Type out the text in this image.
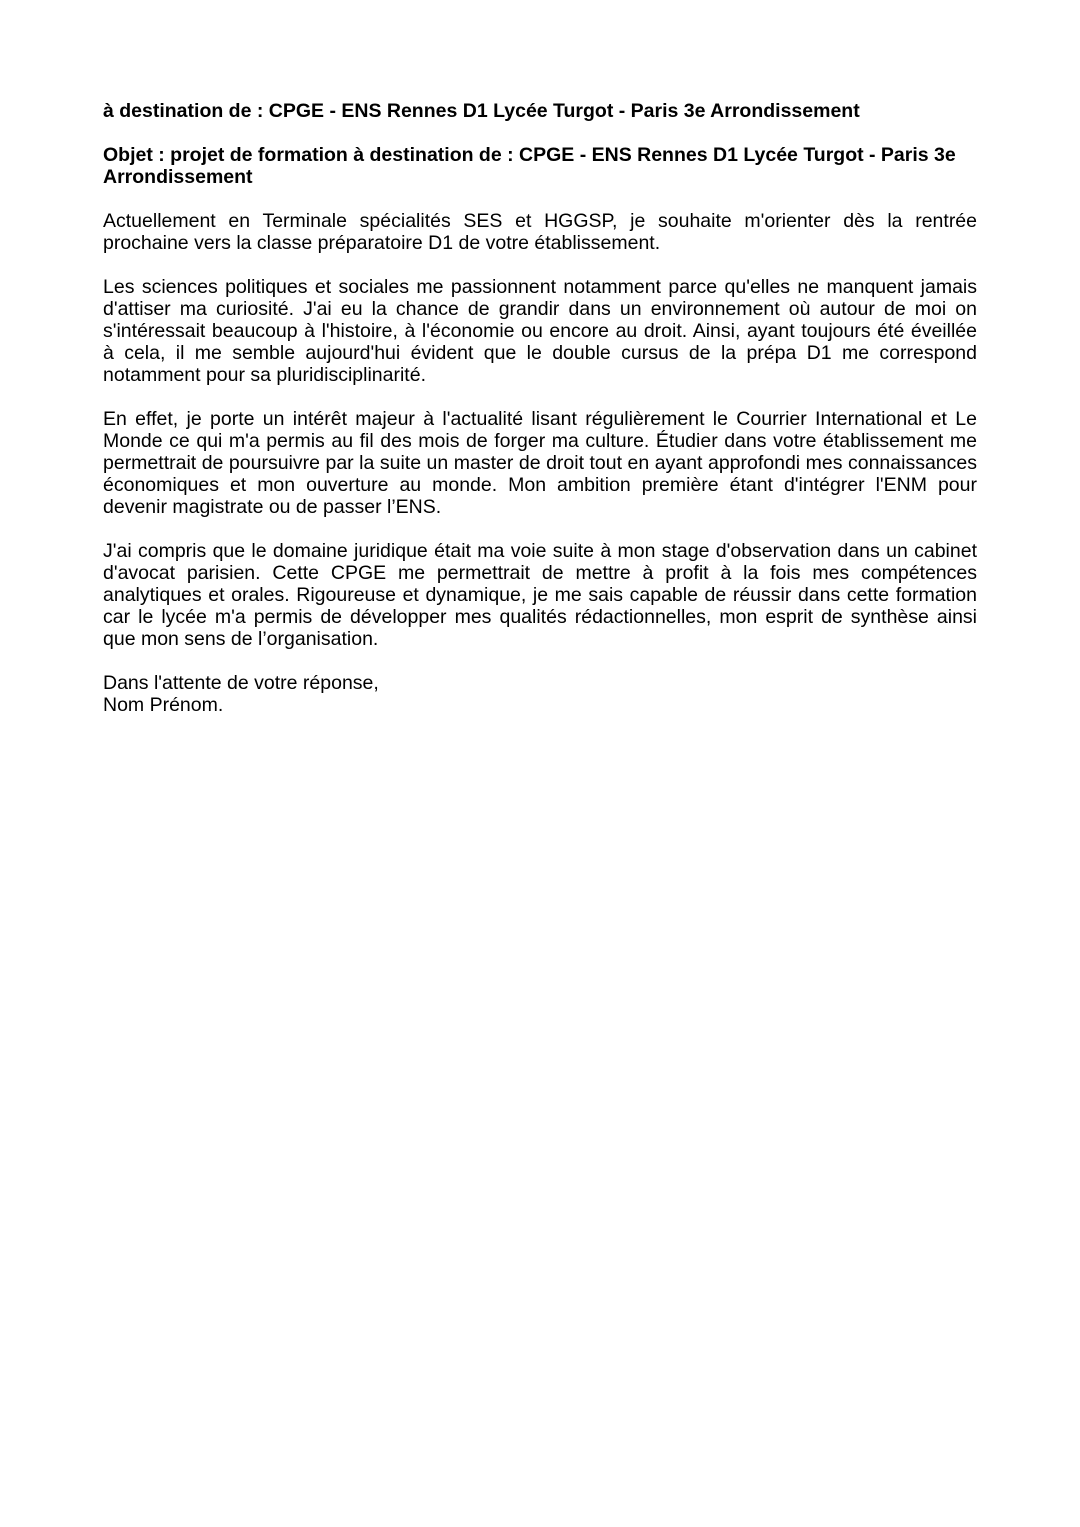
à destination de : CPGE - ENS Rennes D1 Lycée Turgot - Paris 3e Arrondissement

Objet : projet de formation à destination de : CPGE - ENS Rennes D1 Lycée Turgot - Paris 3e Arrondissement

Actuellement en Terminale spécialités SES et HGGSP, je souhaite m'orienter dès la rentrée prochaine vers la classe préparatoire D1 de votre établissement.

Les sciences politiques et sociales me passionnent notamment parce qu'elles ne manquent jamais d'attiser ma curiosité. J'ai eu la chance de grandir dans un environnement où autour de moi on s'intéressait beaucoup à l'histoire, à l'économie ou encore au droit. Ainsi, ayant toujours été éveillée à cela, il me semble aujourd'hui évident que le double cursus de la prépa D1 me correspond notamment pour sa pluridisciplinarité.

En effet, je porte un intérêt majeur à l'actualité lisant régulièrement le Courrier International et Le Monde ce qui m'a permis au fil des mois de forger ma culture. Étudier dans votre établissement me permettrait de poursuivre par la suite un master de droit tout en ayant approfondi mes connaissances économiques et mon ouverture au monde. Mon ambition première étant d'intégrer l'ENM pour devenir magistrate ou de passer l’ENS.

J'ai compris que le domaine juridique était ma voie suite à mon stage d'observation dans un cabinet d'avocat parisien. Cette CPGE me permettrait de mettre à profit à la fois mes compétences analytiques et orales. Rigoureuse et dynamique, je me sais capable de réussir dans cette formation car le lycée m'a permis de développer mes qualités rédactionnelles, mon esprit de synthèse ainsi que mon sens de l’organisation.

Dans l'attente de votre réponse,
Nom Prénom.
